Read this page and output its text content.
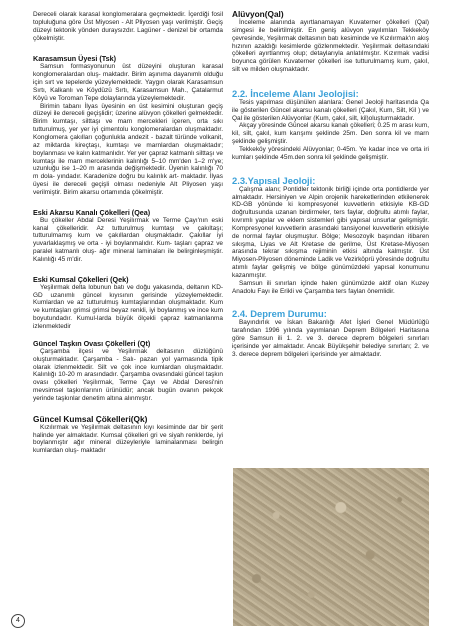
Dereceli olarak karasal konglomeralara geçmektedir. İçerdiği fosil topluluğuna göre Üst Miyosen - Alt Pliyosen yaşı verilmiştir. Geçiş düzeyi tektonik yönden duraysızdır. Lagüner - denizel bir ortamda çökelmiştir.

Karasamsun Üyesi (Tsk)

Samsun formasyonunun üst düzeyini oluşturan karasal konglomeralardan oluş- maktadır. Birim aşınıma dayanımlı olduğu için sırt ve tepelerde yüzeylemektedir. Yaygın olarak Karasamsun Sırtı, Kalkanlı ve Köydüzü Sırtı, Karasamsun Mah., Çatalarmut Köyü ve Toroman Tepe dolaylarında yüzeylemektedir.

Birimin tabanı İlyas üyesinin en üst kesimini oluşturan geçiş düzeyi ile dereceli geçişlidir; üzerine alüvyon çökelleri gelmektedir. Birim kumtaşı, silttaşı ve marn mercekleri içeren, orta sıkı tutturulmuş, yer yer iyi çimentolu konglomeralardan oluşmaktadır. Konglomera çakılları çoğunlukla andezit - bazalt türünde volkanit, az miktarda kireçtaşı, kumtaşı ve marnlardan oluşmaktadır; boylanması ve kalın katmanlıdır. Yer yer çapraz katmanlı silttaşı ve kumtaşı ile marn merceklerinin kalınlığı 5–10 mm'den 1–2 m'ye; uzunluğu ise 1–20 m arasında değişmektedir. Üyenin kalınlığı 70 m dola- yındadır. Karadenize doğru bu kalınlık art- maktadır. İlyas üyesi ile dereceli geçişli olması nedeniyle Alt Pliyosen yaşı verilmiştir. Birim akarsu ortamında çökelmiştir.

Eski Akarsu Kanalı Çökelleri (Qea)

Bu çökeller Abdal Deresi Yeşilırmak ve Terme Çayı'nın eski kanal çökelleridir. Az tutturulmuş kumtaşı ve çakıltaşı; tutturulmamış kum ve çakıllardan oluşmaktadır. Çakıllar iyi yuvarlaklaşmış ve orta - iyi boylanmalıdır. Kum- taşları çapraz ve paralel katmanlı oluş- ağır mineral laminaları ile belirginleşmiştir. Kalınlığı 45 m'dir.

Eski Kumsal Çökelleri (Qek)

Yeşilırmak delta lobunun batı ve doğu yakasında, deltanın KD-GD uzanımlı güncel kıyısının gerisinde yüzeylemektedir. Kumlardan ve az tutturulmuş kumtaşlarından oluşmaktadır. Kum ve kumtaşları grimsi grimsi beyaz renkli, iyi boylanmış ve ince kum boyutundadır. Kumul-larda büyük ölçekli çapraz katmanlanma izlenmektedir

Güncel Taşkın Ovası Çökelleri (Qt)

Çarşamba ilçesi ve Yeşilırmak deltasının düzlüğünü oluşturmaktadır. Çarşamba - Salı- pazarı yol yarmasında tipik olarak izlenmektedir. Silt ve çok ince kumlardan oluşmaktadır. Kalınlığı 10-20 m arasındadır. Çarşamba ovasındaki güncel taşkın ovası çökelleri Yeşilırmak, Terme Çayı ve Abdal Deresi'nin mevsimsel taşkınlarının ürünüdür; ancak bugün ovanın pekçok yerinde taşkınlar denetim altına alınmıştır.

Güncel Kumsal Çökelleri(Qk)

Kızılırmak ve Yeşilırmak deltasının kıyı kesiminde dar bir şerit halinde yer almaktadır. Kumsal çökelleri gri ve siyah renklerde, iyi boylanmıştır ağır mineral düzeyleriyle laminalanması belirgin kumlardan oluş- maktadır

Alüvyon(Qal)

İnceleme alanında ayırtlanamayan Kuvaterner çökelleri (Qal) simgesi ile belirtilmiştir. En geniş alüvyon yayılımları Tekkeköy çevresinde, Yeşilırmak deltasının batı kesiminde ve Kızılırmak'ın akış hızının azaldığı kesimlerde gözlenmektedir. Yeşilırmak deltasındaki çökelleri ayırtlanmış olup; detaylarıyla anlatılmıştır. Kızırmak vadisi boyunca görülen Kuvaterner çökelleri ise tutturulmamış kum, çakıl, silt ve milden oluşmaktadır.

2.2. İnceleme Alanı Jeolojisi:

Tesis yapılması düşünülen alanlara: Genel Jeoloji haritasında Qa ile gösterilen Güncel akarsu kanalı çökelleri (Çakıl, Kum, Silt, Kil ) ve Qal ile gösterilen Alüvyonlar (Kum, çakıl, silt, kil)oluşturmaktadır.

Akçay yöresinde Güncel akarsu kanalı çökelleri; 0.25 m arası kum, kil, silt, çakıl, kum karışımı şeklinde 25m. Den sonra kil ve marn şeklinde gelişmiştir.

Tekkeköy yöresindeki Alüvyonlar; 0-45m. Ye kadar ince ve orta iri kumları şeklinde 45m.den sonra kil şeklinde gelişmiştir.

2.3.Yapısal Jeoloji:

Çalışma alanı; Pontidler tektonik birliği içinde orta pontidlerde yer almaktadır. Hersiniyen ve Alpin orojenik hareketlerinden etkilenerek KD-GB yönünde ki kompresyonel kuvvetlerin etkisiyle KB-GD doğrultusunda uzanan birdirmeler, ters faylar, doğrultu atımlı faylar, kıvrımlı yapılar ve eklem sistemleri gibi yapısal unsurlar gelişmiştir. Kompresyonel kuvvetlerin arasındaki tansiyonel kuvvetlerin etkisiyle de normal faylar oluşmuştur. Bölge; Mesozoyik başından itibaren sıkışma, Liyas ve Alt Kretase de gerilme, Üst Kretase-Miyosen arasında tekrar sıkışma rejiminin etkisi altında kalmıştır. Üst Miyosen-Pliyosen döneminde Ladik ve Vezirköprü yöresinde doğrultu atımlı faylar gelişmiş ve bölge günümüzdeki yapısal konumunu kazanmıştır.

Samsun ili sınırları içinde halen günümüzde aktif olan Kuzey Anadolu Fayı ile Erikli ve Çarşamba ters faylan önemlidir.

2.4. Deprem Durumu:

Bayındırlık ve İskan Bakanlığı Afet İşleri Genel Müdürlüğü tarafından 1996 yılında yayımlanan Deprem Bölgeleri Haritasına göre Samsun ili 1. 2. ve 3. derece deprem bölgeleri sınırları içerisinde yer almaktadır. Ancak Büyükşehir belediye sınırları; 2. ve 3. derece deprem bölgeleri içerisinde yer almaktadır.

4
